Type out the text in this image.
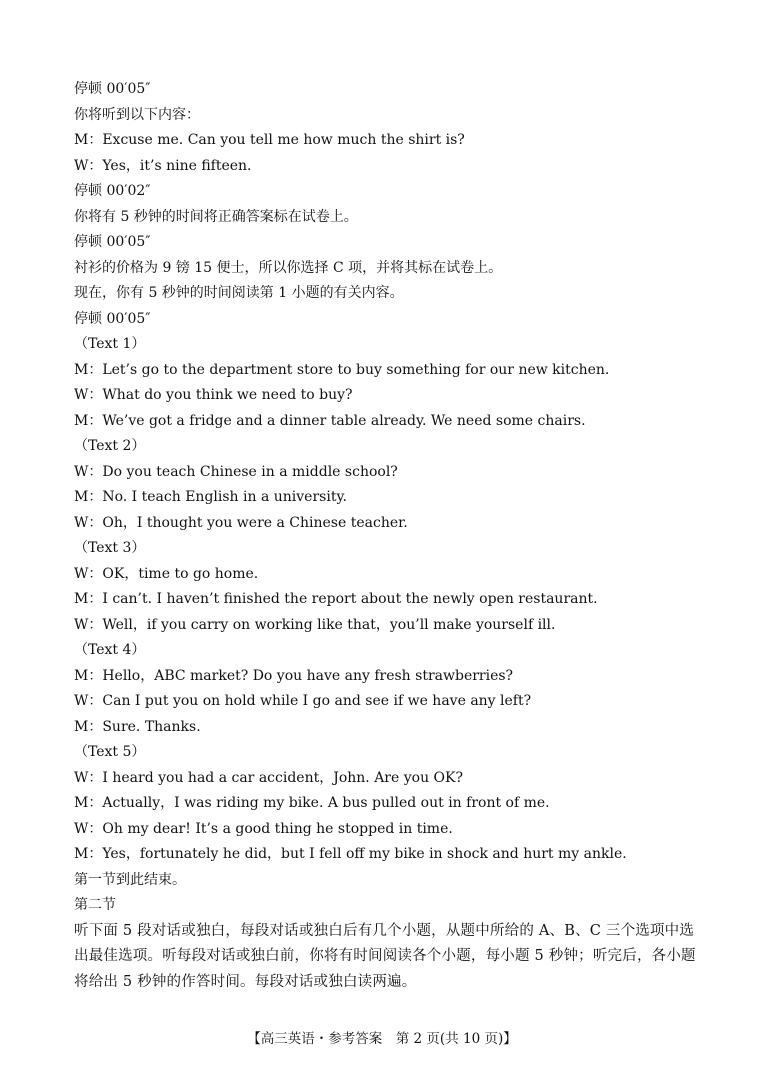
停顿 00′05″
你将听到以下内容：
M：Excuse me. Can you tell me how much the shirt is?
W：Yes，it’s nine fifteen.
停顿 00′02″
你将有 5 秒钟的时间将正确答案标在试卷上。
停顿 00′05″
衬衫的价格为 9 镑 15 便士，所以你选择 C 项，并将其标在试卷上。
现在，你有 5 秒钟的时间阅读第 1 小题的有关内容。
停顿 00′05″
（Text 1）
M：Let’s go to the department store to buy something for our new kitchen.
W：What do you think we need to buy?
M：We’ve got a fridge and a dinner table already. We need some chairs.
（Text 2）
W：Do you teach Chinese in a middle school?
M：No. I teach English in a university.
W：Oh，I thought you were a Chinese teacher.
（Text 3）
W：OK，time to go home.
M：I can’t. I haven’t finished the report about the newly open restaurant.
W：Well，if you carry on working like that，you’ll make yourself ill.
（Text 4）
M：Hello，ABC market? Do you have any fresh strawberries?
W：Can I put you on hold while I go and see if we have any left?
M：Sure. Thanks.
（Text 5）
W：I heard you had a car accident，John. Are you OK?
M：Actually，I was riding my bike. A bus pulled out in front of me.
W：Oh my dear! It’s a good thing he stopped in time.
M：Yes，fortunately he did，but I fell off my bike in shock and hurt my ankle.
第一节到此结束。
第二节
听下面 5 段对话或独白，每段对话或独白后有几个小题，从题中所给的 A、B、C 三个选项中选出最佳选项。听每段对话或独白前，你将有时间阅读各个小题，每小题 5 秒钟；听完后，各小题将给出 5 秒钟的作答时间。每段对话或独白读两遍。
【高三英语・参考答案　第 2 页(共 10 页)】
